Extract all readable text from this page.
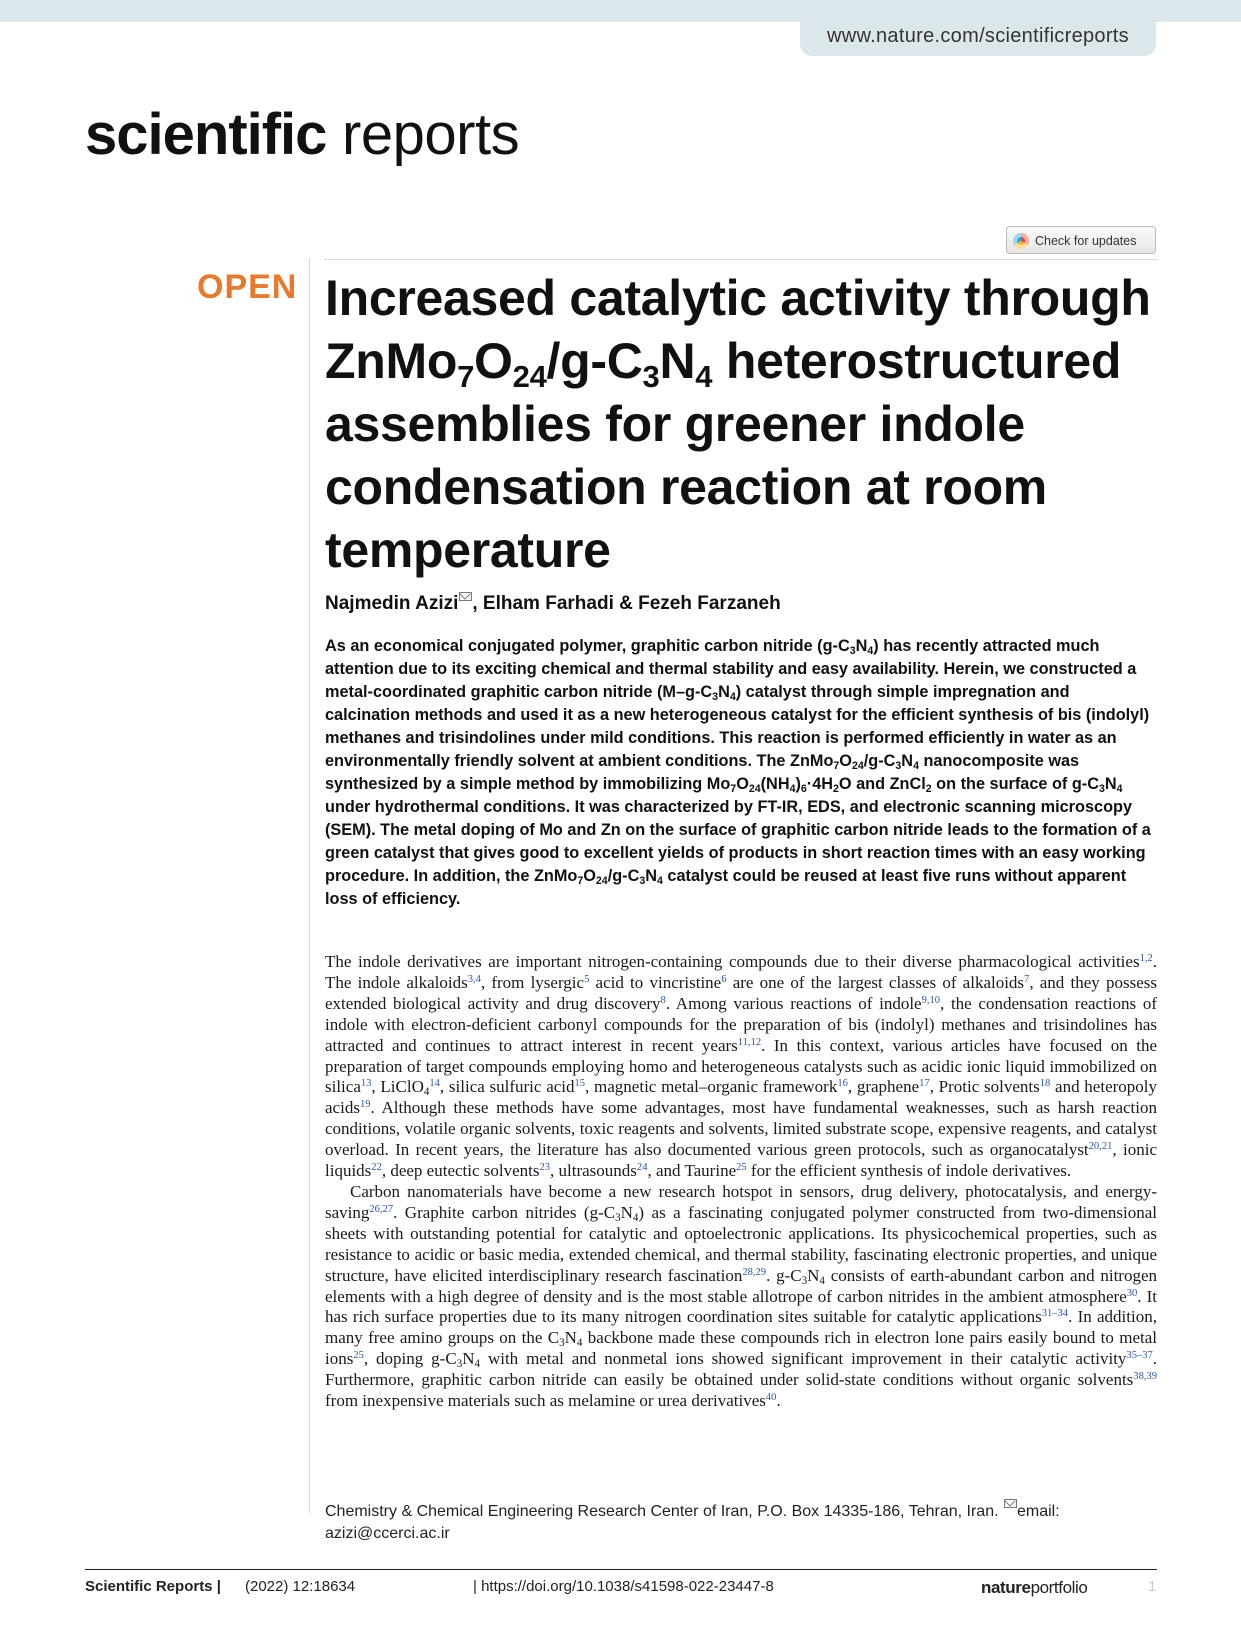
www.nature.com/scientificreports
scientific reports
Check for updates
OPEN Increased catalytic activity through $ZnMo_7O_{24}/g-C_3N_4$ heterostructured assemblies for greener indole condensation reaction at room temperature
Najmedin Azizi , Elham Farhadi & Fezeh Farzaneh

As an economical conjugated polymer, graphitic carbon nitride $(g-C_3N_4)$ has recently attracted much attention due to its exciting chemical and thermal stability and easy availability. Herein, we constructed a metal-coordinated graphitic carbon nitride $(M-g-C_3N_4)$ catalyst through simple impregnation and calcination methods and used it as a new heterogeneous catalyst for the efficient synthesis of bis (indolyl) methanes and trisindolines under mild conditions. This reaction is performed efficiently in water as an environmentally friendly solvent at ambient conditions. The $ZnMo_7O_{24}/g-C_3N_4$ nanocomposite was synthesized by a simple method by immobilizing $Mo_7O_{24}(NH_4)_6\cdot 4H_2O$ and ZnCl$_2$ on the surface of $g-C_3N_4$ under hydrothermal conditions. It was characterized by FT-IR, EDS, and electronic scanning microscopy (SEM). The metal doping of Mo and Zn on the surface of graphitic carbon nitride leads to the formation of a green catalyst that gives good to excellent yields of products in short reaction times with an easy working procedure. In addition, the $ZnMo_7O_{24}/g-C_3N_4$ catalyst could be reused at least five runs without apparent loss of efficiency.

The indole derivatives are important nitrogen-containing compounds due to their diverse pharmacological activities$^{1,2}$. The indole alkaloids$^{3,4}$, from lysergic$^5$ acid to vincristine$^6$ are one of the largest classes of alkaloids$^7$, and they possess extended biological activity and drug discovery$^8$. Among various reactions of indole$^{9,10}$, the condensation reactions of indole with electron-deficient carbonyl compounds for the preparation of bis (indolyl) methanes and trisindolines has attracted and continues to attract interest in recent years$^{11,12}$. In this context, various articles have focused on the preparation of target compounds employing homo and heterogeneous catalysts such as acidic ionic liquid immobilized on silica$^{13}$, LiClO$_4^{14}$, silica sulfuric acid$^{15}$, magnetic metal–organic framework$^{16}$, graphene$^{17}$, Protic solvents$^{18}$ and heteropoly acids$^{19}$. Although these methods have some advantages, most have fundamental weaknesses, such as harsh reaction conditions, volatile organic solvents, toxic reagents and solvents, limited substrate scope, expensive reagents, and catalyst overload. In recent years, the literature has also documented various green protocols, such as organocatalyst$^{20,21}$, ionic liquids$^{22}$, deep eutectic solvents$^{23}$, ultrasounds$^{24}$, and Taurine$^{25}$ for the efficient synthesis of indole derivatives.

Carbon nanomaterials have become a new research hotspot in sensors, drug delivery, photocatalysis, and energy-saving$^{26,27}$. Graphite carbon nitrides $(g-C_3N_4)$ as a fascinating conjugated polymer constructed from two-dimensional sheets with outstanding potential for catalytic and optoelectronic applications. Its physicochemical properties, such as resistance to acidic or basic media, extended chemical, and thermal stability, fascinating electronic properties, and unique structure, have elicited interdisciplinary research fascination$^{28,29}$. $g-C_3N_4$ consists of earth-abundant carbon and nitrogen elements with a high degree of density and is the most stable allotrope of carbon nitrides in the ambient atmosphere$^{30}$. It has rich surface properties due to its many nitrogen coordination sites suitable for catalytic applications$^{31-34}$. In addition, many free amino groups on the $C_3N_4$ backbone made these compounds rich in electron lone pairs easily bound to metal ions$^{25}$, doping $g-C_3N_4$ with metal and nonmetal ions showed significant improvement in their catalytic activity$^{35-37}$. Furthermore, graphitic carbon nitride can easily be obtained under solid-state conditions without organic solvents$^{38,39}$ from inexpensive materials such as melamine or urea derivatives$^{40}$.

Chemistry & Chemical Engineering Research Center of Iran, P.O. Box 14335-186, Tehran, Iran. email: azizi@ccerci.ac.ir

Scientific Reports | (2022) 12:18634	| https://doi.org/10.1038/s41598-022-23447-8	natureportfolio	1
